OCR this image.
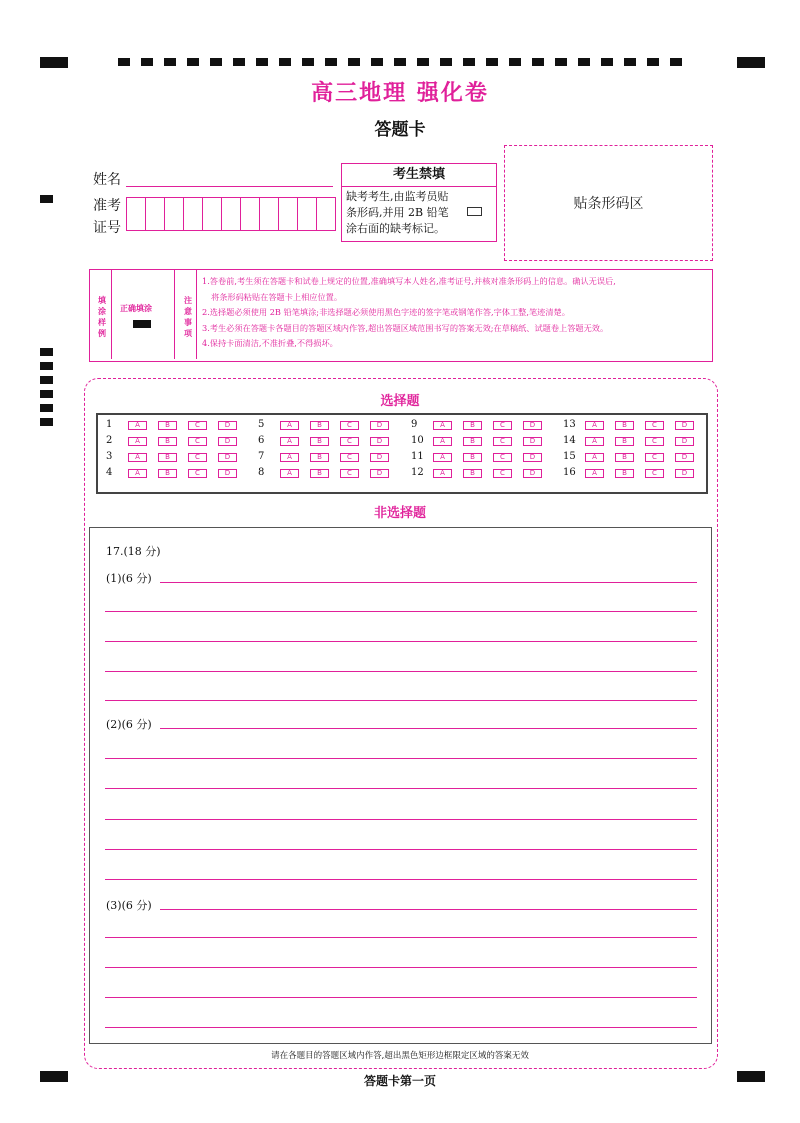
高三地理 强化卷
答题卡
姓名
准考
证号
考生禁填
缺考考生,由监考员贴条形码,并用 2B 铅笔涂右面的缺考标记。
贴条形码区
填涂样例
正确填涂
注意事项
1.答卷前,考生须在答题卡和试卷上规定的位置,准确填写本人姓名,准考证号,并核对准条形码上的信息。确认无误后,
将条形码粘贴在答题卡上相应位置。
2.选择题必须使用 2B 铅笔填涂;非选择题必须使用黑色字迹的签字笔或钢笔作答,字体工整,笔迹清楚。
3.考生必须在答题卡各题目的答题区域内作答,超出答题区域范围书写的答案无效;在草稿纸、试题卷上答题无效。
4.保持卡面清洁,不准折叠,不得损坏。
选择题
1	A	B	C	D
2	A	B	C	D
3	A	B	C	D
4	A	B	C	D
5	A	B	C	D
6	A	B	C	D
7	A	B	C	D
8	A	B	C	D
9	A	B	C	D
10	A	B	C	D
11	A	B	C	D
12	A	B	C	D
13	A	B	C	D
14	A	B	C	D
15	A	B	C	D
16	A	B	C	D
非选择题
17.(18 分)
(1)(6 分)
(2)(6 分)
(3)(6 分)
请在各题目的答题区域内作答,超出黑色矩形边框限定区域的答案无效
答题卡第一页
